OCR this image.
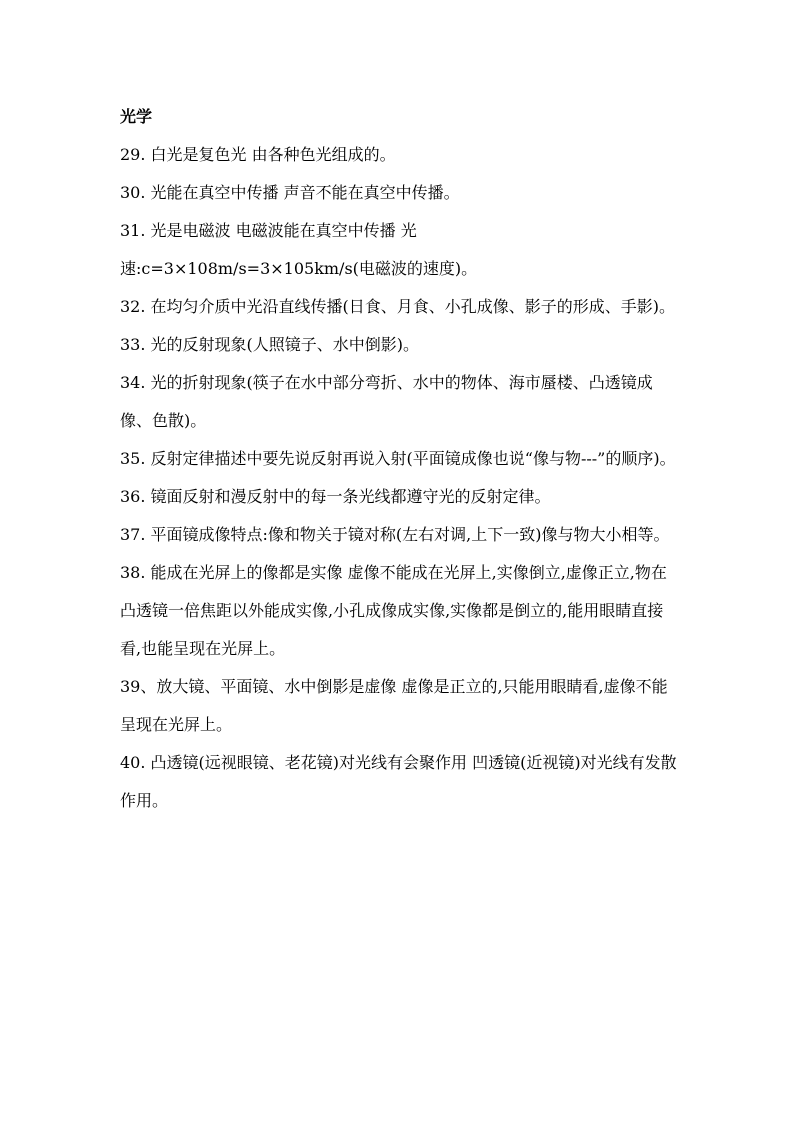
光学

29. 白光是复色光 由各种色光组成的。

30. 光能在真空中传播 声音不能在真空中传播。

31. 光是电磁波 电磁波能在真空中传播 光

速:c=3×108m/s=3×105km/s(电磁波的速度)。

32. 在均匀介质中光沿直线传播(日食、月食、小孔成像、影子的形成、手影)。

33. 光的反射现象(人照镜子、水中倒影)。

34. 光的折射现象(筷子在水中部分弯折、水中的物体、海市蜃楼、凸透镜成像、色散)。

35. 反射定律描述中要先说反射再说入射(平面镜成像也说“像与物---”的顺序)。

36. 镜面反射和漫反射中的每一条光线都遵守光的反射定律。

37. 平面镜成像特点:像和物关于镜对称(左右对调,上下一致)像与物大小相等。

38. 能成在光屏上的像都是实像 虚像不能成在光屏上,实像倒立,虚像正立,物在凸透镜一倍焦距以外能成实像,小孔成像成实像,实像都是倒立的,能用眼睛直接看,也能呈现在光屏上。

39、放大镜、平面镜、水中倒影是虚像 虚像是正立的,只能用眼睛看,虚像不能呈现在光屏上。

40. 凸透镜(远视眼镜、老花镜)对光线有会聚作用 凹透镜(近视镜)对光线有发散作用。
